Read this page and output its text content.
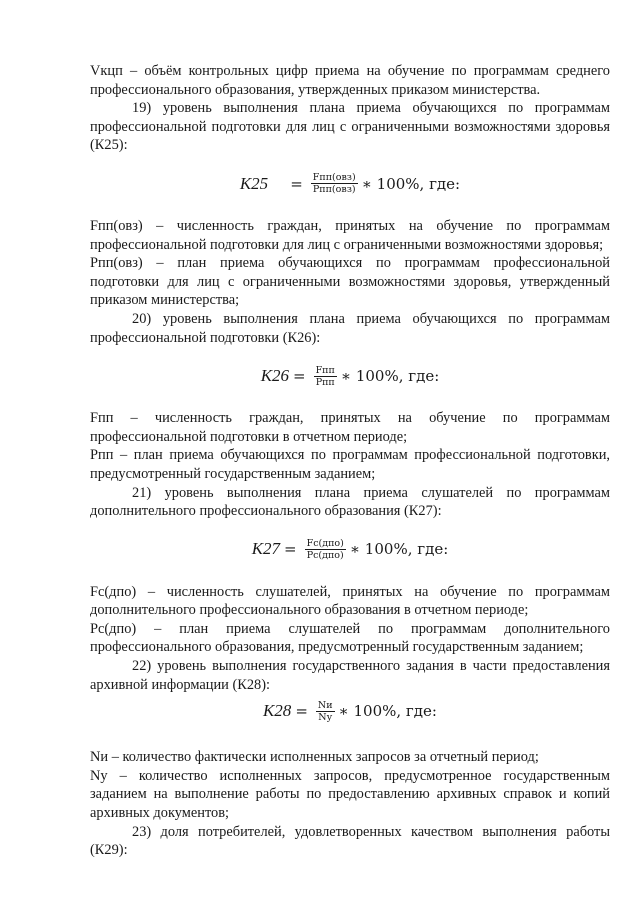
Vкцп – объём контрольных цифр приема на обучение по программам среднего профессионального образования, утвержденных приказом министерства.

19) уровень выполнения плана приема обучающихся по программам профессиональной подготовки для лиц с ограниченными возможностями здоровья (К25):

$К25 = \frac{\text{Fпп(овз)}}{\text{Pпп(овз)}}$ ∗ 100%, где:

Fпп(овз) – численность граждан, принятых на обучение по программам профессиональной подготовки для лиц с ограниченными возможностями здоровья;

Рпп(овз) – план приема обучающихся по программам профессиональной подготовки для лиц с ограниченными возможностями здоровья, утвержденный приказом министерства;

20) уровень выполнения плана приема обучающихся по программам профессиональной подготовки (К26):

$К26 = \frac{\text{Fпп}}{\text{Pпп}}$ ∗ 100%, где:

Fпп – численность граждан, принятых на обучение по программам профессиональной подготовки в отчетном периоде;

Рпп – план приема обучающихся по программам профессиональной подготовки, предусмотренный государственным заданием;

21) уровень выполнения плана приема слушателей по программам дополнительного профессионального образования (К27):

$К27 = \frac{\text{Fс(дпо)}}{\text{Pс(дпо)}}$ ∗ 100%, где:

Fс(дпо) – численность слушателей, принятых на обучение по программам дополнительного профессионального образования в отчетном периоде;

Рс(дпо) – план приема слушателей по программам дополнительного профессионального образования, предусмотренный государственным заданием;

22) уровень выполнения государственного задания в части предоставления архивной информации (К28):

$К28 = \frac{Nи}{Nу}$ ∗ 100%, где:

Nи – количество фактически исполненных запросов за отчетный период;

Nу – количество исполненных запросов, предусмотренное государственным заданием на выполнение работы по предоставлению архивных справок и копий архивных документов;

23) доля потребителей, удовлетворенных качеством выполнения работы (К29):
